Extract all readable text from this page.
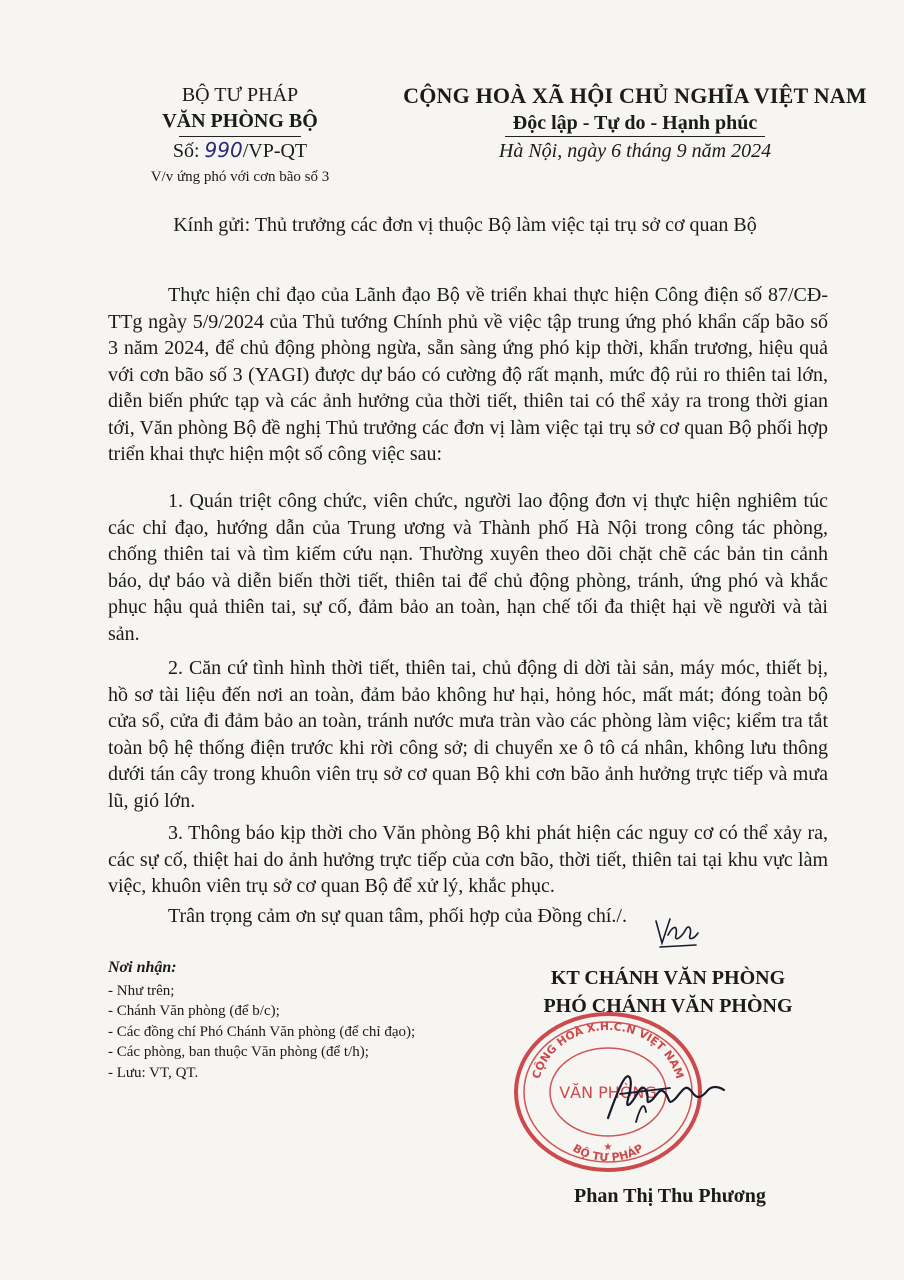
BỘ TƯ PHÁP
VĂN PHÒNG BỘ
Số: 990/VP-QT
V/v ứng phó với cơn bão số 3
CỘNG HOÀ XÃ HỘI CHỦ NGHĨA VIỆT NAM
Độc lập - Tự do - Hạnh phúc
Hà Nội, ngày 6 tháng 9 năm 2024
Kính gửi: Thủ trưởng các đơn vị thuộc Bộ làm việc tại trụ sở cơ quan Bộ

Thực hiện chỉ đạo của Lãnh đạo Bộ về triển khai thực hiện Công điện số 87/CĐ-TTg ngày 5/9/2024 của Thủ tướng Chính phủ về việc tập trung ứng phó khẩn cấp bão số 3 năm 2024, để chủ động phòng ngừa, sẵn sàng ứng phó kịp thời, khẩn trương, hiệu quả với cơn bão số 3 (YAGI) được dự báo có cường độ rất mạnh, mức độ rủi ro thiên tai lớn, diễn biến phức tạp và các ảnh hưởng của thời tiết, thiên tai có thể xảy ra trong thời gian tới, Văn phòng Bộ đề nghị Thủ trưởng các đơn vị làm việc tại trụ sở cơ quan Bộ phối hợp triển khai thực hiện một số công việc sau:

1. Quán triệt công chức, viên chức, người lao động đơn vị thực hiện nghiêm túc các chỉ đạo, hướng dẫn của Trung ương và Thành phố Hà Nội trong công tác phòng, chống thiên tai và tìm kiếm cứu nạn. Thường xuyên theo dõi chặt chẽ các bản tin cảnh báo, dự báo và diễn biến thời tiết, thiên tai để chủ động phòng, tránh, ứng phó và khắc phục hậu quả thiên tai, sự cố, đảm bảo an toàn, hạn chế tối đa thiệt hại về người và tài sản.

2. Căn cứ tình hình thời tiết, thiên tai, chủ động di dời tài sản, máy móc, thiết bị, hồ sơ tài liệu đến nơi an toàn, đảm bảo không hư hại, hỏng hóc, mất mát; đóng toàn bộ cửa sổ, cửa đi đảm bảo an toàn, tránh nước mưa tràn vào các phòng làm việc; kiểm tra tắt toàn bộ hệ thống điện trước khi rời công sở; di chuyển xe ô tô cá nhân, không lưu thông dưới tán cây trong khuôn viên trụ sở cơ quan Bộ khi cơn bão ảnh hưởng trực tiếp và mưa lũ, gió lớn.

3. Thông báo kịp thời cho Văn phòng Bộ khi phát hiện các nguy cơ có thể xảy ra, các sự cố, thiệt hai do ảnh hưởng trực tiếp của cơn bão, thời tiết, thiên tai tại khu vực làm việc, khuôn viên trụ sở cơ quan Bộ để xử lý, khắc phục.

Trân trọng cảm ơn sự quan tâm, phối hợp của Đồng chí./.

Nơi nhận:
- Như trên;
- Chánh Văn phòng (để b/c);
- Các đồng chí Phó Chánh Văn phòng (để chỉ đạo);
- Các phòng, ban thuộc Văn phòng (để t/h);
- Lưu: VT, QT.
KT CHÁNH VĂN PHÒNG
PHÓ CHÁNH VĂN PHÒNG
CỘNG HOÀ X.H.C.N VIỆT NAM
VĂN PHÒNG
BỘ TƯ PHÁP
★
Phan Thị Thu Phương
